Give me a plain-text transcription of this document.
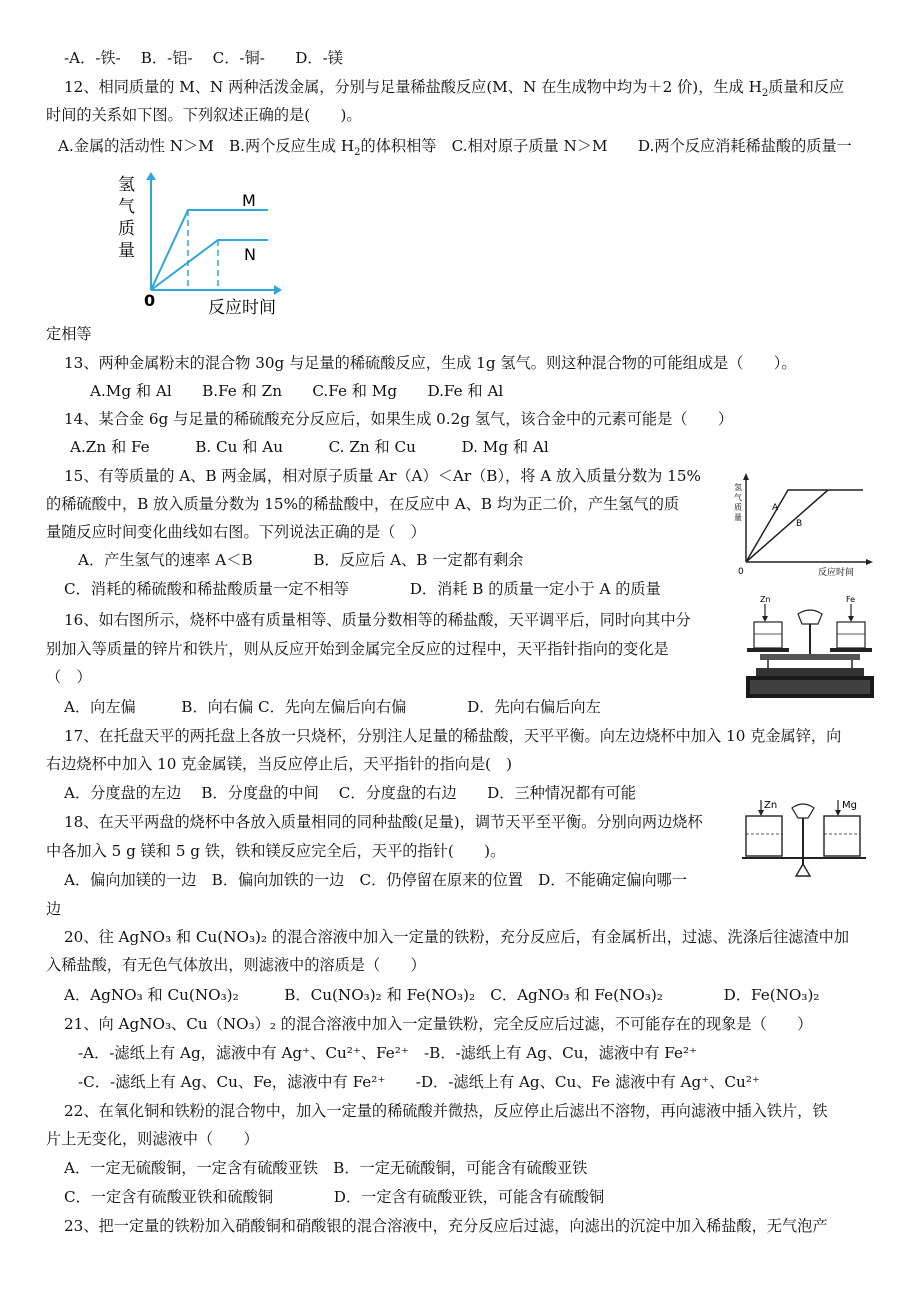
-A．-铁-　 B．-铝-　 C．-铜-　　D．-镁
12、相同质量的 M、N 两种活泼金属，分别与足量稀盐酸反应(M、N 在生成物中均为＋2 价)，生成 $H_2$质量和反应
时间的关系如下图。下列叙述正确的是(　　)。
A.金属的活动性 N＞M　B.两个反应生成 $H_2$的体积相等　C.相对原子质量 N＞M　　D.两个反应消耗稀盐酸的质量一
氢
气
质
量
M
N
0	反应时间
定相等
13、两种金属粉末的混合物 30g 与足量的稀硫酸反应，生成 1g 氢气。则这种混合物的可能组成是（　　）。
A.Mg 和 Al　　B.Fe 和 Zn　　C.Fe 和 Mg　　D.Fe 和 Al
14、某合金 6g 与足量的稀硫酸充分反应后，如果生成 0.2g 氢气，该合金中的元素可能是（　　）
A.Zn 和 Fe　　　B. Cu 和 Au　　　C. Zn 和 Cu　　　D. Mg 和 Al
15、有等质量的 A、B 两金属，相对原子质量 Ar（A）＜Ar（B），将 A 放入质量分数为 15%
的稀硫酸中，B 放入质量分数为 15%的稀盐酸中，在反应中 A、B 均为正二价，产生氢气的质
量随反应时间变化曲线如右图。下列说法正确的是（　）
A．产生氢气的速率 A＜B　　　　B．反应后 A、B 一定都有剩余
C．消耗的稀硫酸和稀盐酸质量一定不相等　　　　D．消耗 B 的质量一定小于 A 的质量
氢
气
质
量
A
B
0	反应时间
16、如右图所示，烧杯中盛有质量相等、质量分数相等的稀盐酸，天平调平后，同时向其中分
别加入等质量的锌片和铁片，则从反应开始到金属完全反应的过程中，天平指针指向的变化是
（　）
A．向左偏　　　B．向右偏 C．先向左偏后向右偏　　　　D．先向右偏后向左
Zn	Fe
17、在托盘天平的两托盘上各放一只烧杯，分别注人足量的稀盐酸，天平平衡。向左边烧杯中加入 10 克金属锌，向
右边烧杯中加入 10 克金属镁，当反应停止后，天平指针的指向是(　)
A．分度盘的左边　 B．分度盘的中间　 C．分度盘的右边　　D．三种情况都有可能
18、在天平两盘的烧杯中各放入质量相同的同种盐酸(足量)，调节天平至平衡。分别向两边烧杯
中各加入 5 g 镁和 5 g 铁，铁和镁反应完全后，天平的指针(　　)。
A．偏向加镁的一边　B．偏向加铁的一边　C．仍停留在原来的位置　D．不能确定偏向哪一
边
Zn	Mg
20、往 AgNO₃ 和 Cu(NO₃)₂ 的混合溶液中加入一定量的铁粉，充分反应后，有金属析出，过滤、洗涤后往滤渣中加
入稀盐酸，有无色气体放出，则滤液中的溶质是（　　）
A．AgNO₃ 和 Cu(NO₃)₂　　　B．Cu(NO₃)₂ 和 Fe(NO₃)₂　C．AgNO₃ 和 Fe(NO₃)₂　　　　D．Fe(NO₃)₂
21、向 AgNO₃、Cu（NO₃）₂ 的混合溶液中加入一定量铁粉，完全反应后过滤，不可能存在的现象是（　　）
-A．-滤纸上有 Ag，滤液中有 Ag⁺、Cu²⁺、Fe²⁺　-B．-滤纸上有 Ag、Cu，滤液中有 Fe²⁺
-C．-滤纸上有 Ag、Cu、Fe，滤液中有 Fe²⁺　　-D．-滤纸上有 Ag、Cu、Fe 滤液中有 Ag⁺、Cu²⁺
22、在氧化铜和铁粉的混合物中，加入一定量的稀硫酸并微热，反应停止后滤出不溶物，再向滤液中插入铁片，铁
片上无变化，则滤液中（　　）
A．一定无硫酸铜，一定含有硫酸亚铁　B．一定无硫酸铜，可能含有硫酸亚铁
C．一定含有硫酸亚铁和硫酸铜　　　　D．一定含有硫酸亚铁，可能含有硫酸铜
23、把一定量的铁粉加入硝酸铜和硝酸银的混合溶液中，充分反应后过滤，向滤出的沉淀中加入稀盐酸，无气泡产
